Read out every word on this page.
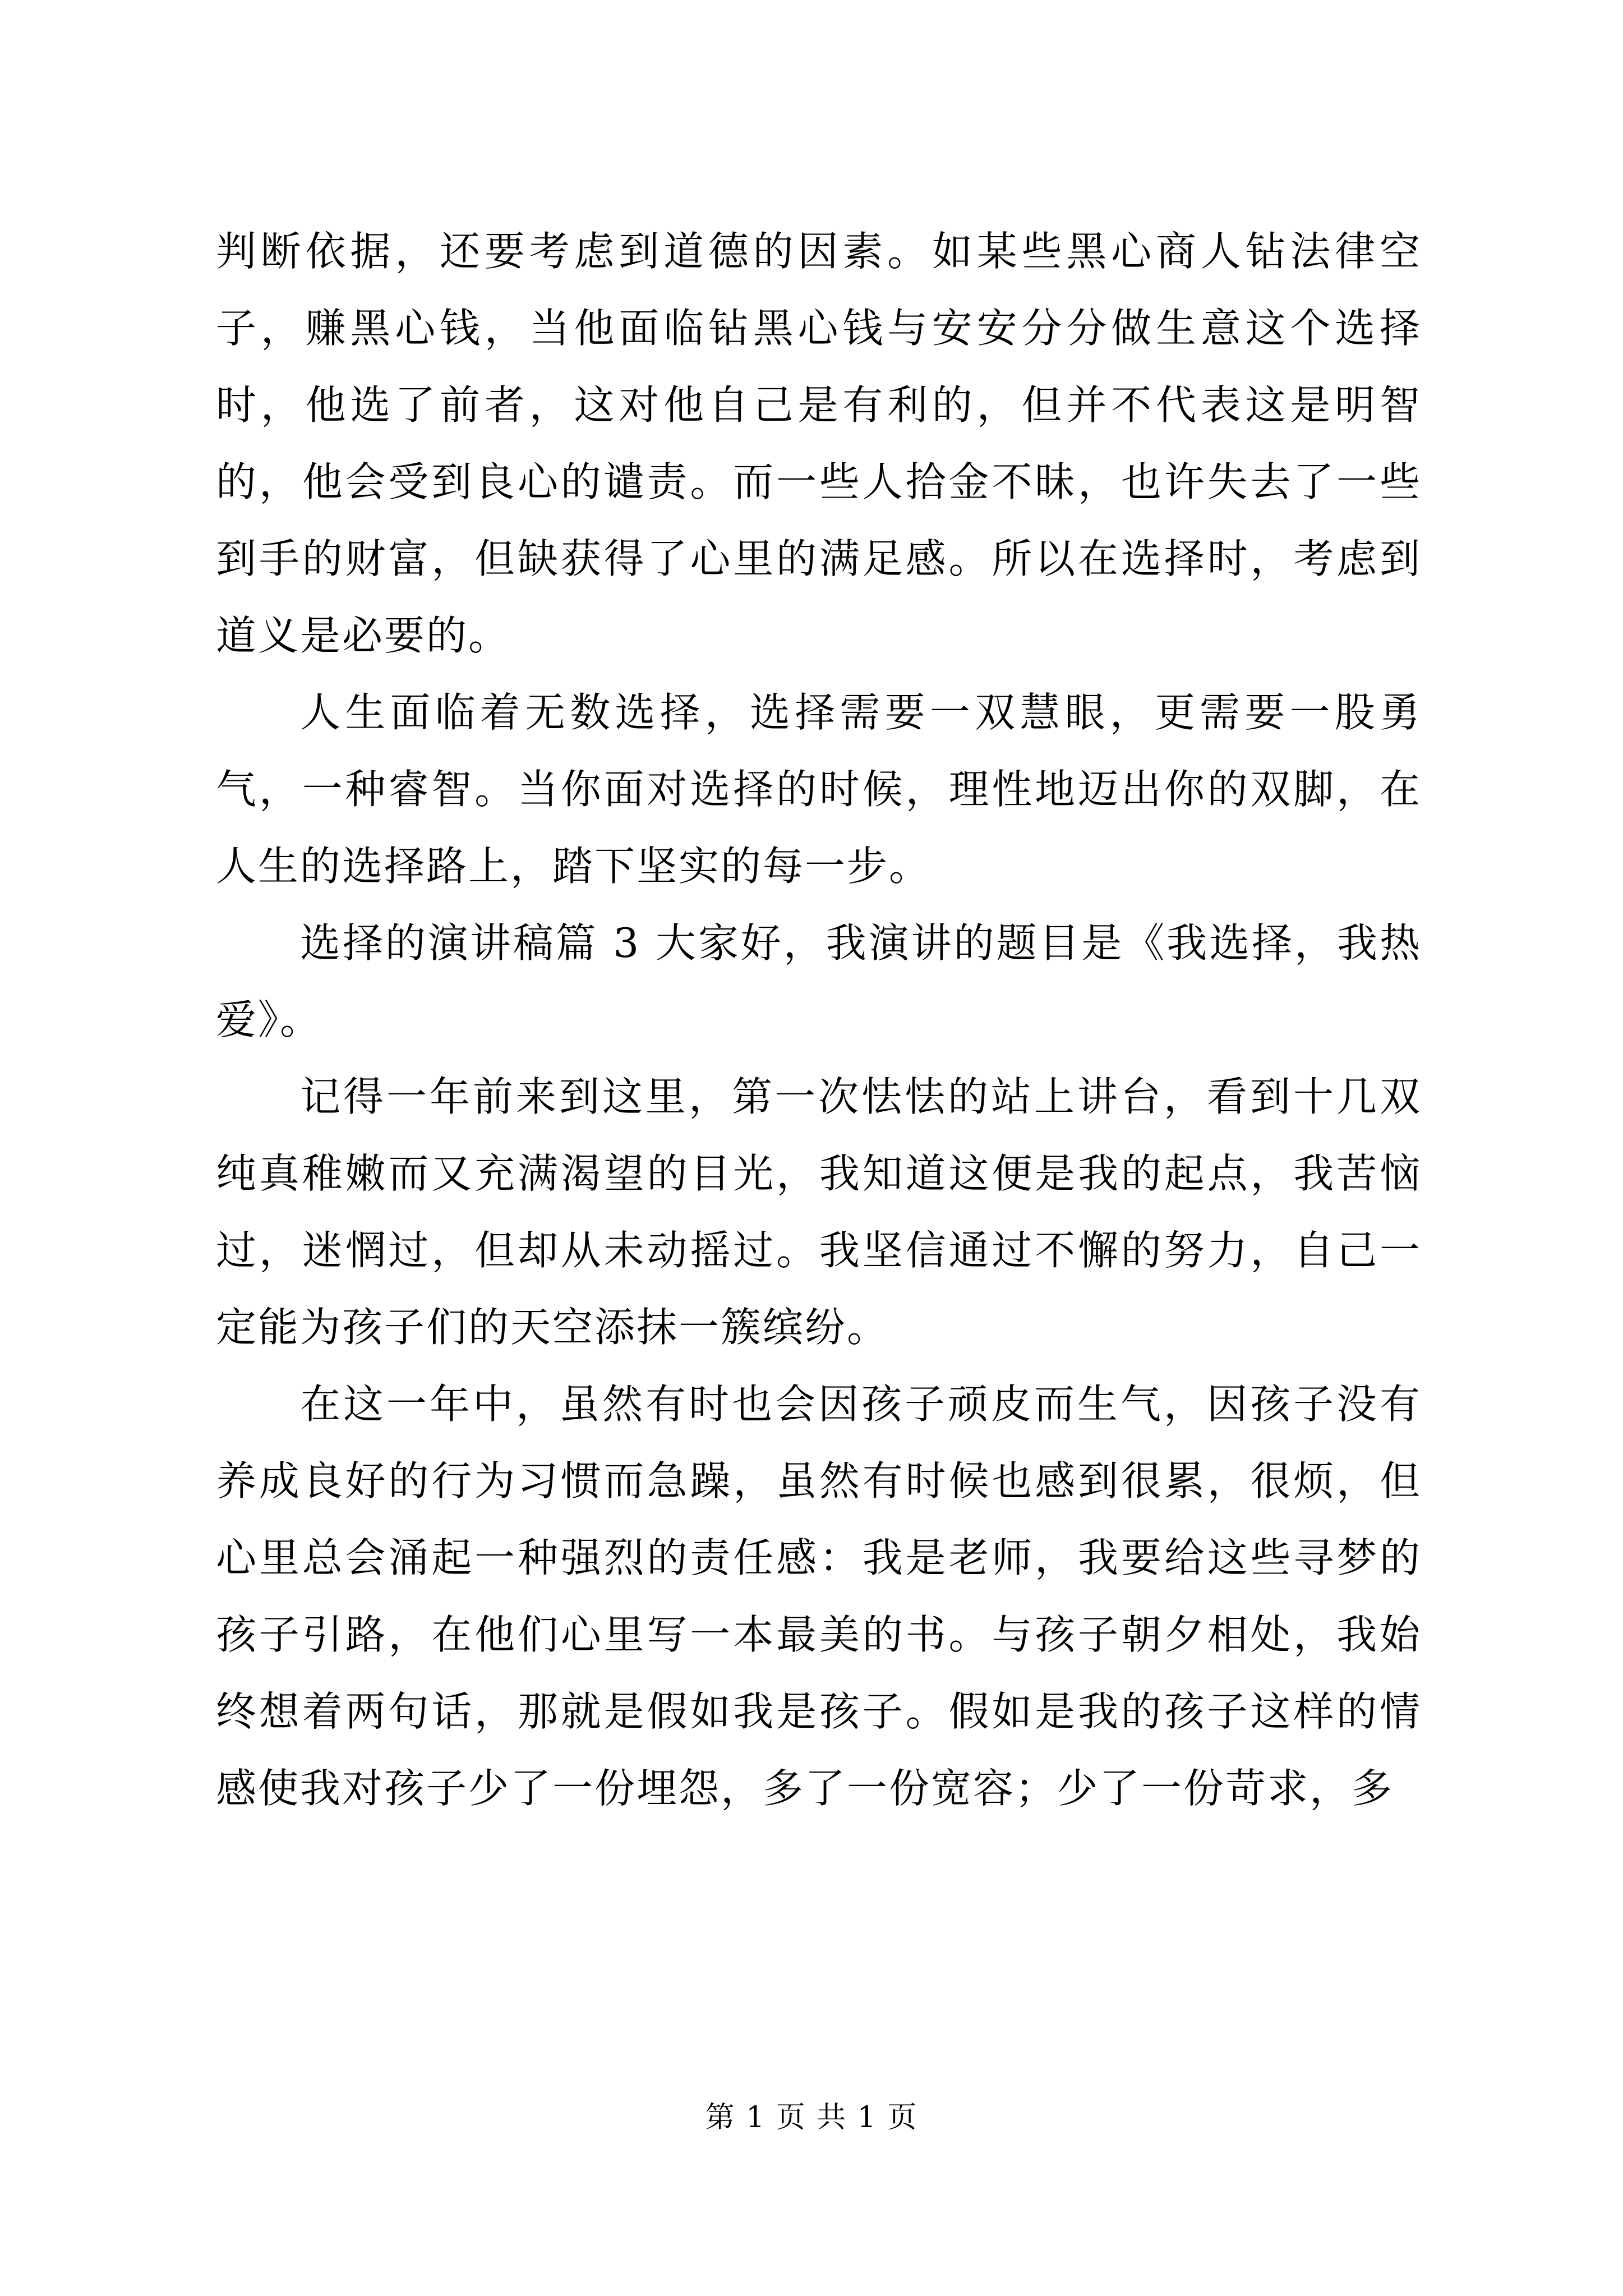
判断依据，还要考虑到道德的因素。如某些黑心商人钻法律空子，赚黑心钱，当他面临钻黑心钱与安安分分做生意这个选择时，他选了前者，这对他自己是有利的，但并不代表这是明智的，他会受到良心的谴责。而一些人拾金不昧，也许失去了一些到手的财富，但缺获得了心里的满足感。所以在选择时，考虑到道义是必要的。

人生面临着无数选择，选择需要一双慧眼，更需要一股勇气，一种睿智。当你面对选择的时候，理性地迈出你的双脚，在人生的选择路上，踏下坚实的每一步。

选择的演讲稿篇 3 大家好，我演讲的题目是《我选择，我热爱》。

记得一年前来到这里，第一次怯怯的站上讲台，看到十几双纯真稚嫩而又充满渴望的目光，我知道这便是我的起点，我苦恼过，迷惘过，但却从未动摇过。我坚信通过不懈的努力，自己一定能为孩子们的天空添抹一簇缤纷。

在这一年中，虽然有时也会因孩子顽皮而生气，因孩子没有养成良好的行为习惯而急躁，虽然有时候也感到很累，很烦，但心里总会涌起一种强烈的责任感：我是老师，我要给这些寻梦的孩子引路，在他们心里写一本最美的书。与孩子朝夕相处，我始终想着两句话，那就是假如我是孩子。假如是我的孩子这样的情感使我对孩子少了一份埋怨，多了一份宽容；少了一份苛求，多

第 1 页 共 1 页
